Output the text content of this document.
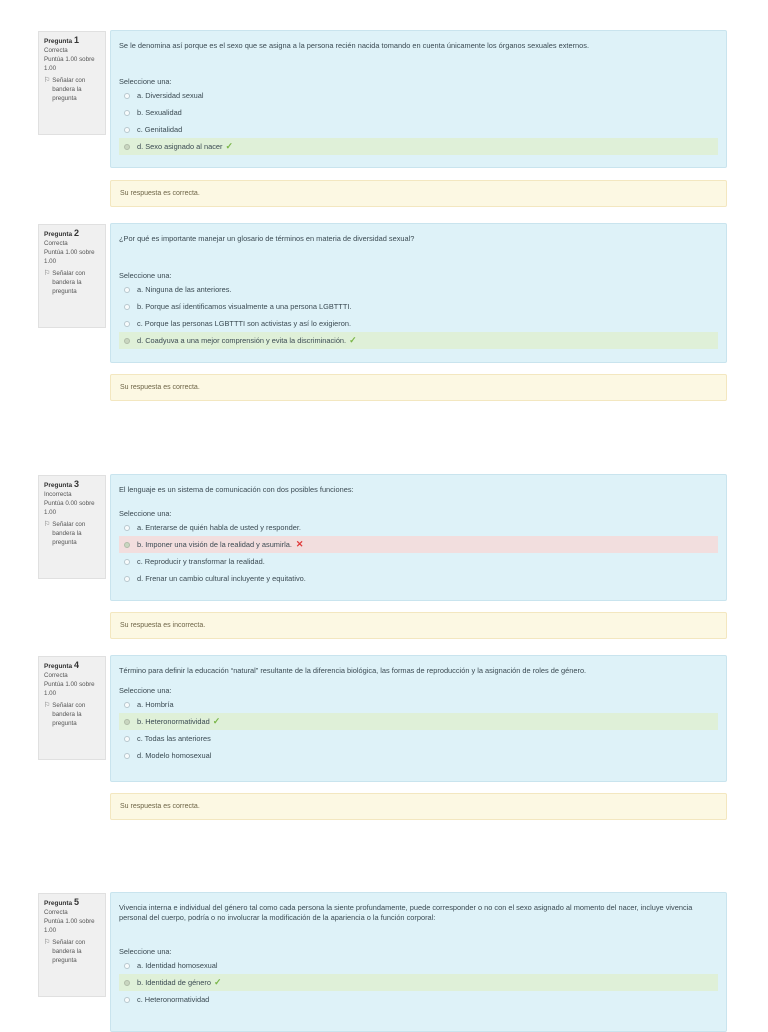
Pregunta 1
Correcta
Puntúa 1.00 sobre 1.00
⚐ Señalar con bandera la pregunta
Se le denomina así porque es el sexo que se asigna a la persona recién nacida tomando en cuenta únicamente los órganos sexuales externos.
Seleccione una:
a. Diversidad sexual
b. Sexualidad
c. Genitalidad
d. Sexo asignado al nacer ✓
Su respuesta es correcta.
Pregunta 2
Correcta
Puntúa 1.00 sobre 1.00
⚐ Señalar con bandera la pregunta
¿Por qué es importante manejar un glosario de términos en materia de diversidad sexual?
Seleccione una:
a. Ninguna de las anteriores.
b. Porque así identificamos visualmente a una persona LGBTTTI.
c. Porque las personas LGBTTTI son activistas y así lo exigieron.
d. Coadyuva a una mejor comprensión y evita la discriminación. ✓
Su respuesta es correcta.
Pregunta 3
Incorrecta
Puntúa 0.00 sobre 1.00
⚐ Señalar con bandera la pregunta
El lenguaje es un sistema de comunicación con dos posibles funciones:
Seleccione una:
a. Enterarse de quién habla de usted y responder.
b. Imponer una visión de la realidad y asumirla. ✕
c. Reproducir y transformar la realidad.
d. Frenar un cambio cultural incluyente y equitativo.
Su respuesta es incorrecta.
Pregunta 4
Correcta
Puntúa 1.00 sobre 1.00
⚐ Señalar con bandera la pregunta
Término para definir la educación “natural” resultante de la diferencia biológica, las formas de reproducción y la asignación de roles de género.
Seleccione una:
a. Hombría
b. Heteronormatividad ✓
c. Todas las anteriores
d. Modelo homosexual
Su respuesta es correcta.
Pregunta 5
Correcta
Puntúa 1.00 sobre 1.00
⚐ Señalar con bandera la pregunta
Vivencia interna e individual del género tal como cada persona la siente profundamente, puede corresponder o no con el sexo asignado al momento del nacer, incluye vivencia personal del cuerpo, podría o no involucrar la modificación de la apariencia o la función corporal:
Seleccione una:
a. Identidad homosexual
b. Identidad de género ✓
c. Heteronormatividad
